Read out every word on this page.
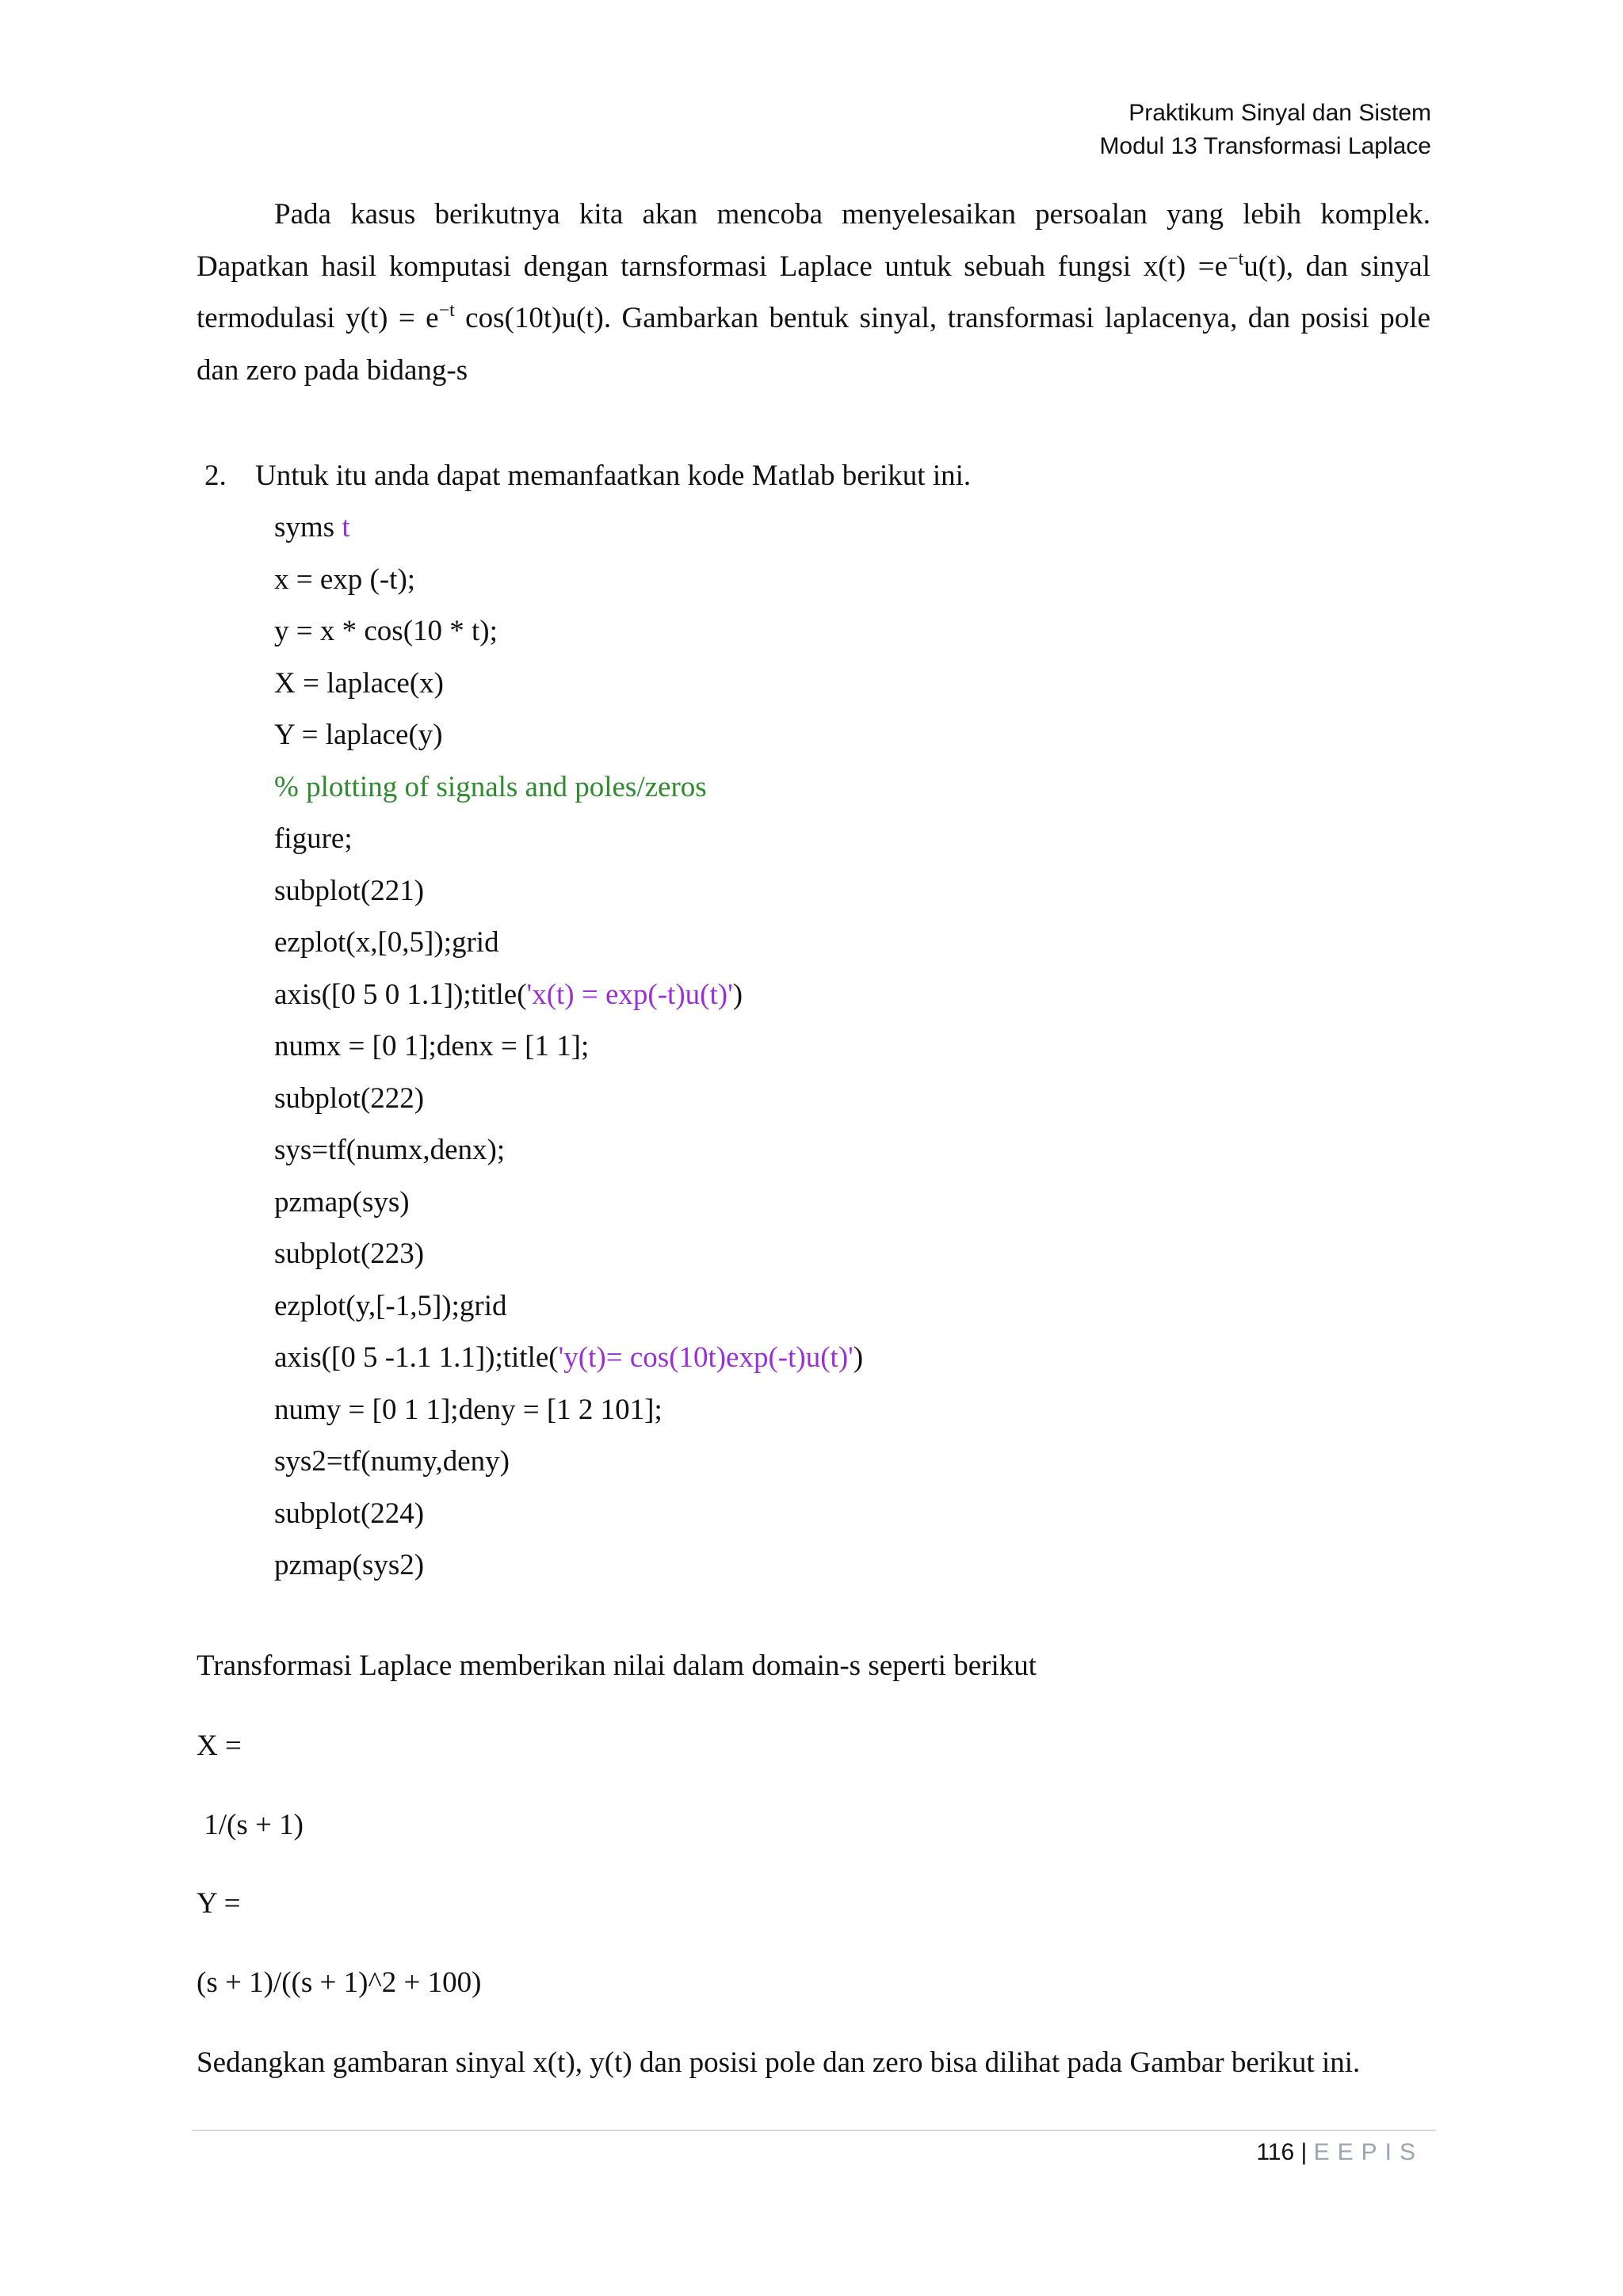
Praktikum Sinyal dan Sistem
Modul 13 Transformasi Laplace
Pada kasus berikutnya kita akan mencoba menyelesaikan persoalan yang lebih komplek. Dapatkan hasil komputasi dengan tarnsformasi Laplace untuk sebuah fungsi $x(t) =e^{-t}u(t)$, dan sinyal termodulasi $y(t) = e^{-t}$ cos(10t)u(t). Gambarkan bentuk sinyal, transformasi laplacenya, dan posisi pole dan zero pada bidang-s
2. Untuk itu anda dapat memanfaatkan kode Matlab berikut ini.
syms t
x = exp (-t);
y = x * cos(10 * t);
X = laplace(x)
Y = laplace(y)
% plotting of signals and poles/zeros
figure;
subplot(221)
ezplot(x,[0,5]);grid
axis([0 5 0 1.1]);title('x(t) = exp(-t)u(t)')
numx = [0 1];denx = [1 1];
subplot(222)
sys=tf(numx,denx);
pzmap(sys)
subplot(223)
ezplot(y,[-1,5]);grid
axis([0 5 -1.1 1.1]);title('y(t)= cos(10t)exp(-t)u(t)')
numy = [0 1 1];deny = [1 2 101];
sys2=tf(numy,deny)
subplot(224)
pzmap(sys2)
Transformasi Laplace memberikan nilai dalam domain-s seperti berikut
X =
1/(s + 1)
Y =
(s + 1)/((s + 1)^2 + 100)
Sedangkan gambaran sinyal x(t), y(t) dan posisi pole dan zero bisa dilihat pada Gambar berikut ini.
116 | EEPIS
